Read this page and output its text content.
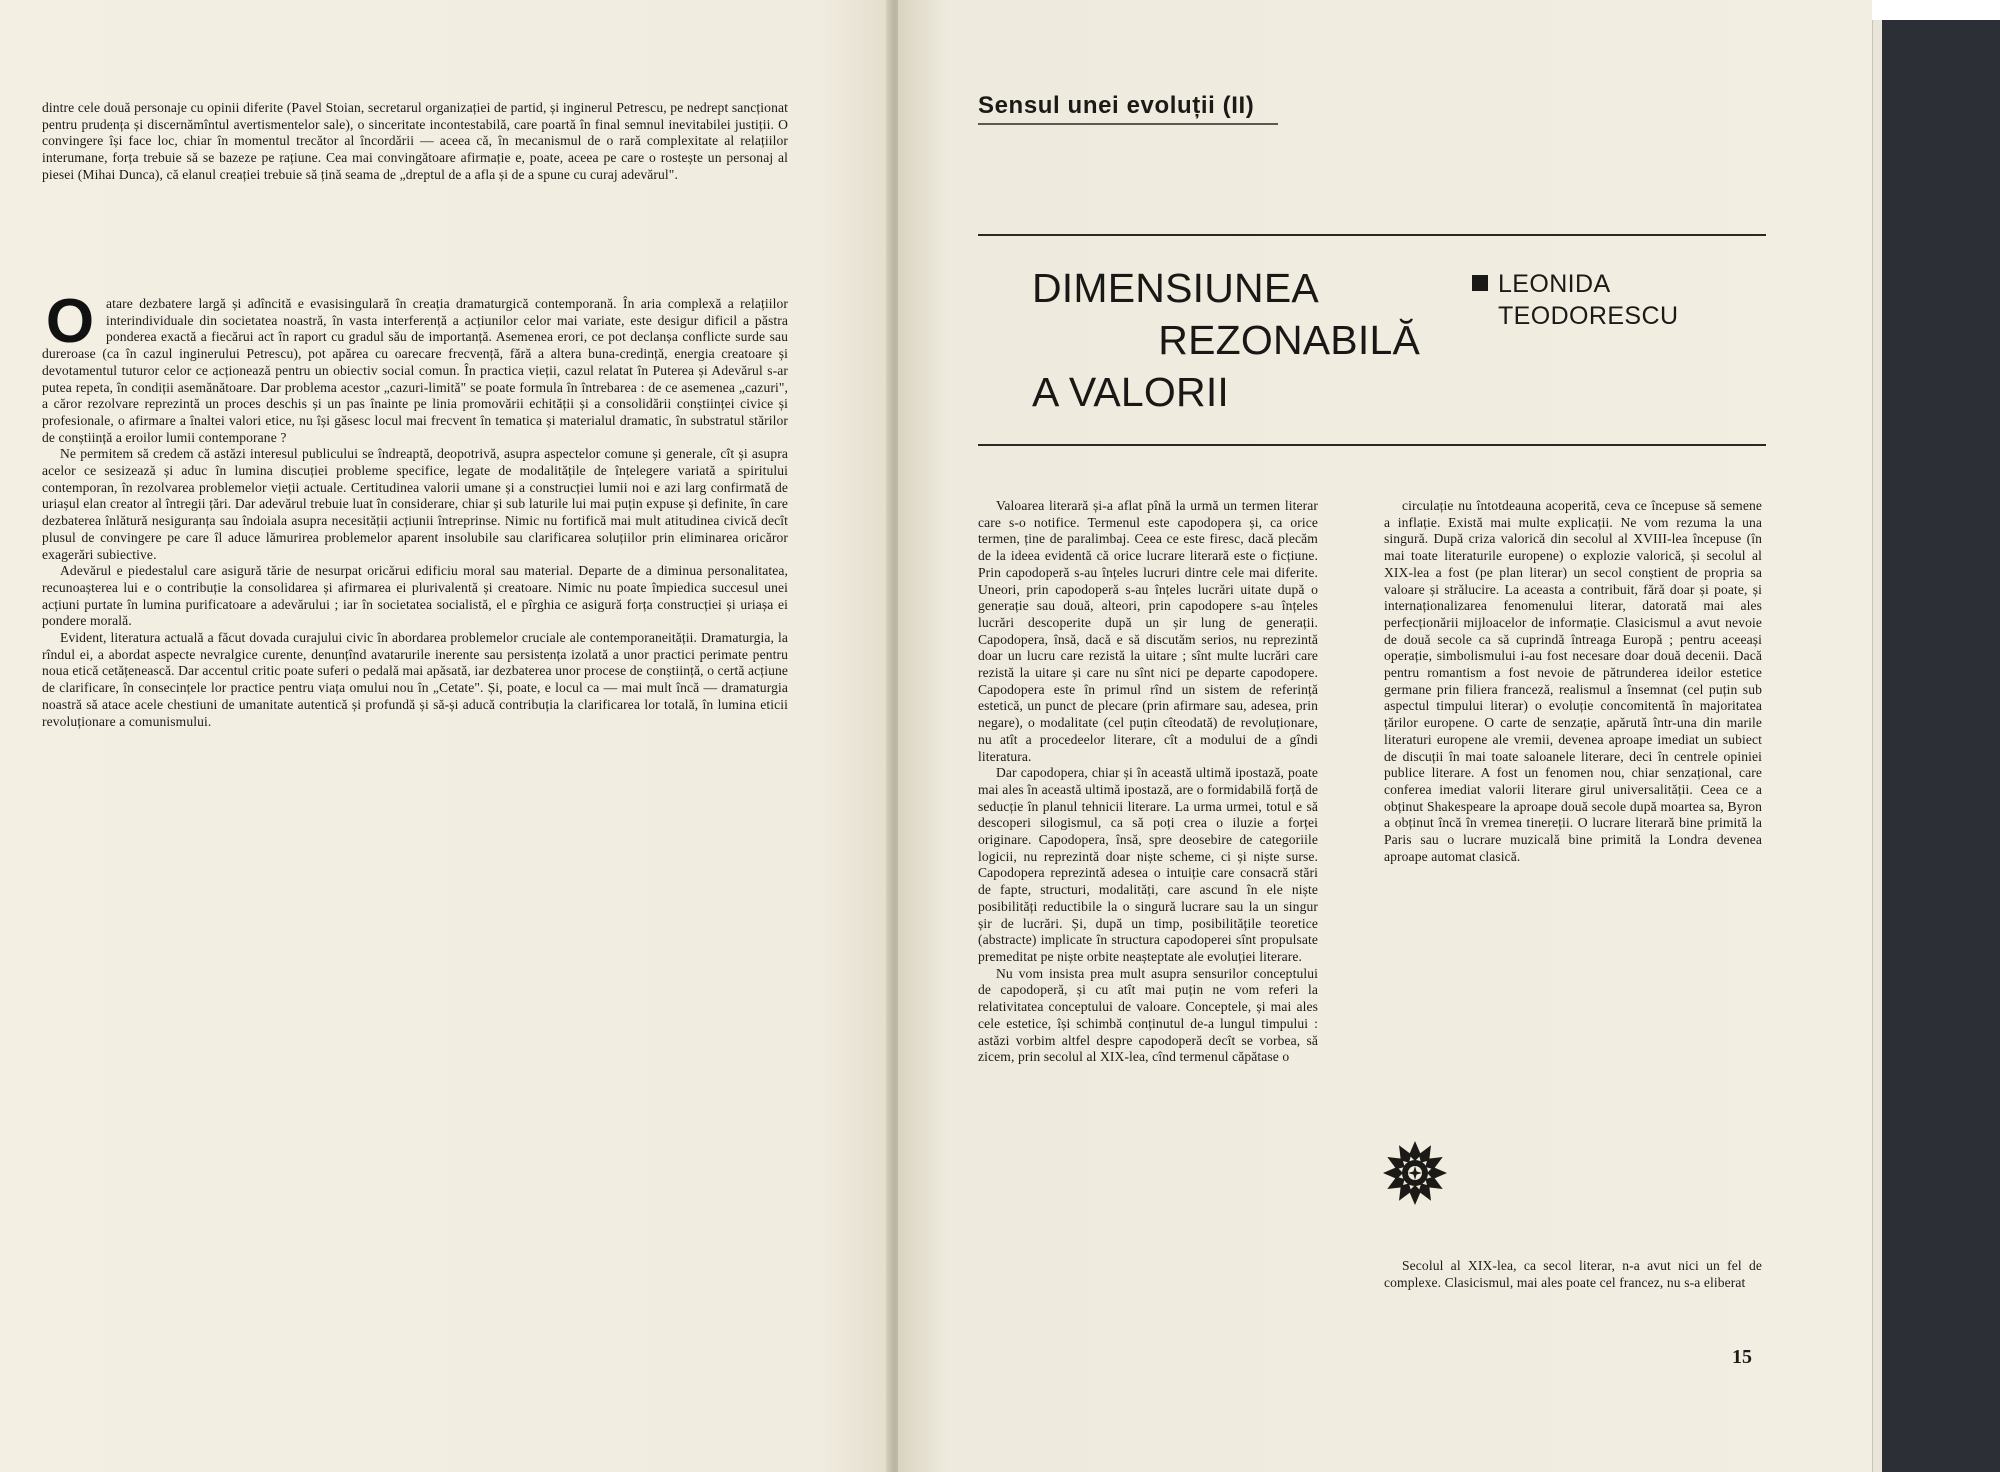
dintre cele două personaje cu opinii diferite (Pavel Stoian, secretarul organizației de partid, și inginerul Petrescu, pe nedrept sancționat pentru prudența și discernămîntul avertismentelor sale), o sinceritate incontestabilă, care poartă în final semnul inevitabilei justiții. O convingere își face loc, chiar în momentul trecător al încordării — aceea că, în mecanismul de o rară complexitate al relațiilor interumane, forța trebuie să se bazeze pe rațiune. Cea mai convingătoare afirmație e, poate, aceea pe care o rostește un personaj al piesei (Mihai Dunca), că elanul creației trebuie să țină seama de „dreptul de a afla și de a spune cu curaj adevărul".

O atare dezbatere largă și adîncită e evasisingulară în creația dramaturgică contemporană. În aria complexă a relațiilor interindividuale din societatea noastră, în vasta interferență a acțiunilor celor mai variate, este desigur dificil a păstra ponderea exactă a fiecărui act în raport cu gradul său de importanță. Asemenea erori, ce pot declanșa conflicte surde sau dureroase (ca în cazul inginerului Petrescu), pot apărea cu oarecare frecvență, fără a altera buna-credință, energia creatoare și devotamentul tuturor celor ce acționează pentru un obiectiv social comun. În practica vieții, cazul relatat în Puterea și Adevărul s-ar putea repeta, în condiții asemănătoare. Dar problema acestor „cazuri-limită" se poate formula în întrebarea : de ce asemenea „cazuri", a căror rezolvare reprezintă un proces deschis și un pas înainte pe linia promovării echității și a consolidării conștiinței civice și profesionale, o afirmare a înaltei valori etice, nu își găsesc locul mai frecvent în tematica și materialul dramatic, în substratul stărilor de conștiință a eroilor lumii contemporane ?

Ne permitem să credem că astăzi interesul publicului se îndreaptă, deopotrivă, asupra aspectelor comune și generale, cît și asupra acelor ce sesizează și aduc în lumina discuției probleme specifice, legate de modalitățile de înțelegere variată a spiritului contemporan, în rezolvarea problemelor vieții actuale. Certitudinea valorii umane și a construcției lumii noi e azi larg confirmată de uriașul elan creator al întregii țări. Dar adevărul trebuie luat în considerare, chiar și sub laturile lui mai puțin expuse și definite, în care dezbaterea înlătură nesiguranța sau îndoiala asupra necesității acțiunii întreprinse. Nimic nu fortifică mai mult atitudinea civică decît plusul de convingere pe care îl aduce lămurirea problemelor aparent insolubile sau clarificarea soluțiilor prin eliminarea oricăror exagerări subiective.

Adevărul e piedestalul care asigură tărie de nesurpat oricărui edificiu moral sau material. Departe de a diminua personalitatea, recunoașterea lui e o contribuție la consolidarea și afirmarea ei plurivalentă și creatoare. Nimic nu poate împiedica succesul unei acțiuni purtate în lumina purificatoare a adevărului ; iar în societatea socialistă, el e pîrghia ce asigură forța construcției și uriașa ei pondere morală.

Evident, literatura actuală a făcut dovada curajului civic în abordarea problemelor cruciale ale contemporaneității. Dramaturgia, la rîndul ei, a abordat aspecte nevralgice curente, denunțînd avatarurile inerente sau persistența izolată a unor practici perimate pentru noua etică cetățenească. Dar accentul critic poate suferi o pedală mai apăsată, iar dezbaterea unor procese de conștiință, o certă acțiune de clarificare, în consecințele lor practice pentru viața omului nou în „Cetate". Și, poate, e locul ca — mai mult încă — dramaturgia noastră să atace acele chestiuni de umanitate autentică și profundă și să-și aducă contribuția la clarificarea lor totală, în lumina eticii revoluționare a comunismului.

Sensul unei evoluții (II)
DIMENSIUNEA
REZONABILĂ
A VALORII
LEONIDA
TEODORESCU

Valoarea literară și-a aflat pînă la urmă un termen literar care s-o notifice. Termenul este capodopera și, ca orice termen, ține de paralimbaj. Ceea ce este firesc, dacă plecăm de la ideea evidentă că orice lucrare literară este o ficțiune. Prin capodoperă s-au înțeles lucruri dintre cele mai diferite. Uneori, prin capodoperă s-au înțeles lucrări uitate după o generație sau două, alteori, prin capodopere s-au înțeles lucrări descoperite după un șir lung de generații. Capodopera, însă, dacă e să discutăm serios, nu reprezintă doar un lucru care rezistă la uitare ; sînt multe lucrări care rezistă la uitare și care nu sînt nici pe departe capodopere. Capodopera este în primul rînd un sistem de referință estetică, un punct de plecare (prin afirmare sau, adesea, prin negare), o modalitate (cel puțin cîteodată) de revoluționare, nu atît a procedeelor literare, cît a modului de a gîndi literatura.

Dar capodopera, chiar și în această ultimă ipostază, poate mai ales în această ultimă ipostază, are o formidabilă forță de seducție în planul tehnicii literare. La urma urmei, totul e să descoperi silogismul, ca să poți crea o iluzie a forței originare. Capodopera, însă, spre deosebire de categoriile logicii, nu reprezintă doar niște scheme, ci și niște surse. Capodopera reprezintă adesea o intuiție care consacră stări de fapte, structuri, modalități, care ascund în ele niște posibilități reductibile la o singură lucrare sau la un singur șir de lucrări. Și, după un timp, posibilitățile teoretice (abstracte) implicate în structura capodoperei sînt propulsate premeditat pe niște orbite neașteptate ale evoluției literare.

Nu vom insista prea mult asupra sensurilor conceptului de capodoperă, și cu atît mai puțin ne vom referi la relativitatea conceptului de valoare. Conceptele, și mai ales cele estetice, își schimbă conținutul de-a lungul timpului : astăzi vorbim altfel despre capodoperă decît se vorbea, să zicem, prin secolul al XIX-lea, cînd termenul căpătase o

circulație nu întotdeauna acoperită, ceva ce începuse să semene a inflație. Există mai multe explicații. Ne vom rezuma la una singură. După criza valorică din secolul al XVIII-lea începuse (în mai toate literaturile europene) o explozie valorică, și secolul al XIX-lea a fost (pe plan literar) un secol conștient de propria sa valoare și strălucire. La aceasta a contribuit, fără doar și poate, și internaționalizarea fenomenului literar, datorată mai ales perfecționării mijloacelor de informație. Clasicismul a avut nevoie de două secole ca să cuprindă întreaga Europă ; pentru aceeași operație, simbolismului i-au fost necesare doar două decenii. Dacă pentru romantism a fost nevoie de pătrunderea ideilor estetice germane prin filiera franceză, realismul a însemnat (cel puțin sub aspectul timpului literar) o evoluție concomitentă în majoritatea țărilor europene. O carte de senzație, apărută într-una din marile literaturi europene ale vremii, devenea aproape imediat un subiect de discuții în mai toate saloanele literare, deci în centrele opiniei publice literare. A fost un fenomen nou, chiar senzațional, care conferea imediat valorii literare girul universalității. Ceea ce a obținut Shakespeare la aproape două secole după moartea sa, Byron a obținut încă în vremea tinereții. O lucrare literară bine primită la Paris sau o lucrare muzicală bine primită la Londra devenea aproape automat clasică.

Secolul al XIX-lea, ca secol literar, n-a avut nici un fel de complexe. Clasicismul, mai ales poate cel francez, nu s-a eliberat

15
